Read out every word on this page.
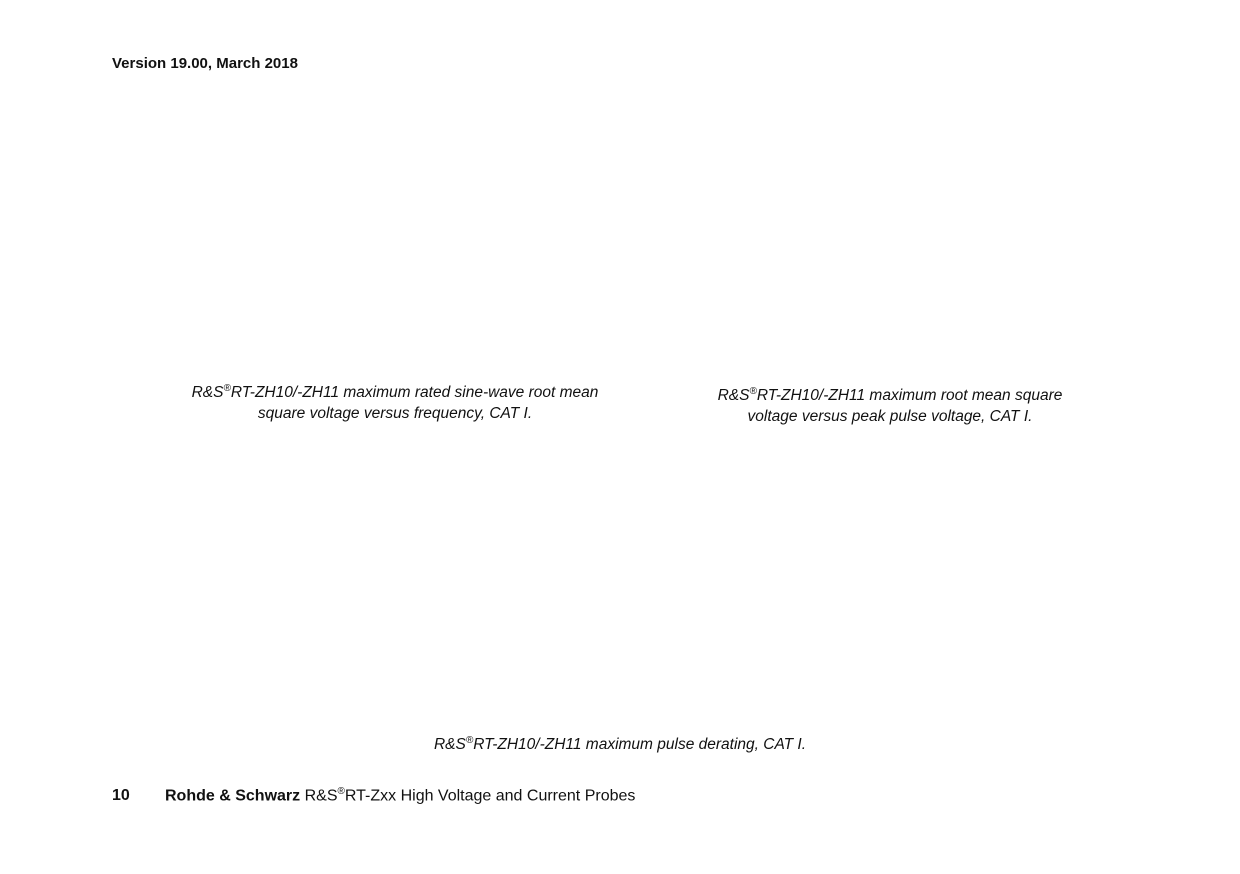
Version 19.00, March 2018
R&S®RT-ZH10/-ZH11 maximum rated sine-wave root mean
square voltage versus frequency, CAT I.
R&S®RT-ZH10/-ZH11 maximum root mean square
voltage versus peak pulse voltage, CAT I.
R&S®RT-ZH10/-ZH11 maximum pulse derating, CAT I.
10 Rohde & Schwarz R&S®RT-Zxx High Voltage and Current Probes
